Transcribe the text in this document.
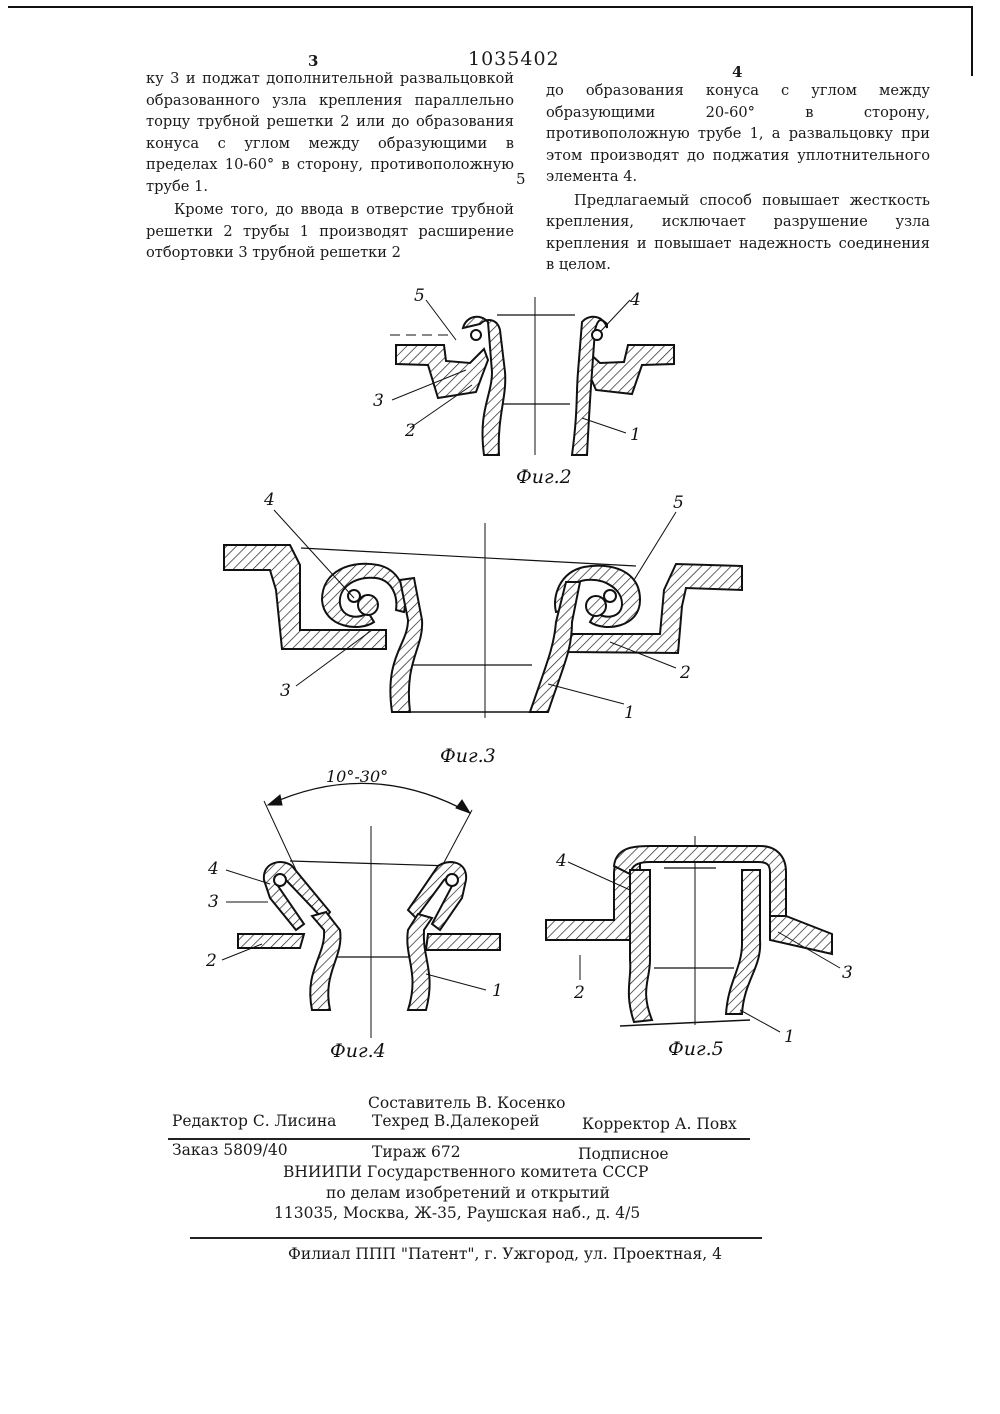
3	1035402
4
5

ку 3 и поджат дополнительной развальцовкой образованного узла крепления параллельно торцу трубной решетки 2 или до образования конуса с углом между образующими в пределах 10-60° в сторону, противоположную трубе 1.

Кроме того, до ввода в отверстие трубной решетки 2 трубы 1 производят расширение отбортовки 3 трубной решетки 2

до образования конуса с углом между образующими 20-60° в сторону, противоположную трубе 1, а развальцовку при этом производят до поджатия уплотнительного элемента 4.

Предлагаемый способ повышает жесткость крепления, исключает разрушение узла крепления и повышает надежность соединения в целом.

5	4
3
2	1
Фиг.2
4	5
3
2
1
Фиг.3
10°-30°
4
3
2
1
Фиг.4
4
2
3
1
Фиг.5
Составитель В. Косенко
Редактор С. Лисина Техред В.Далекорей	Корректор А. Повх
Заказ 5809/40	Тираж 672	Подписное
ВНИИПИ Государственного комитета СССР
по делам изобретений и открытий
113035, Москва, Ж-35, Раушская наб., д. 4/5
Филиал ППП "Патент", г. Ужгород, ул. Проектная, 4
